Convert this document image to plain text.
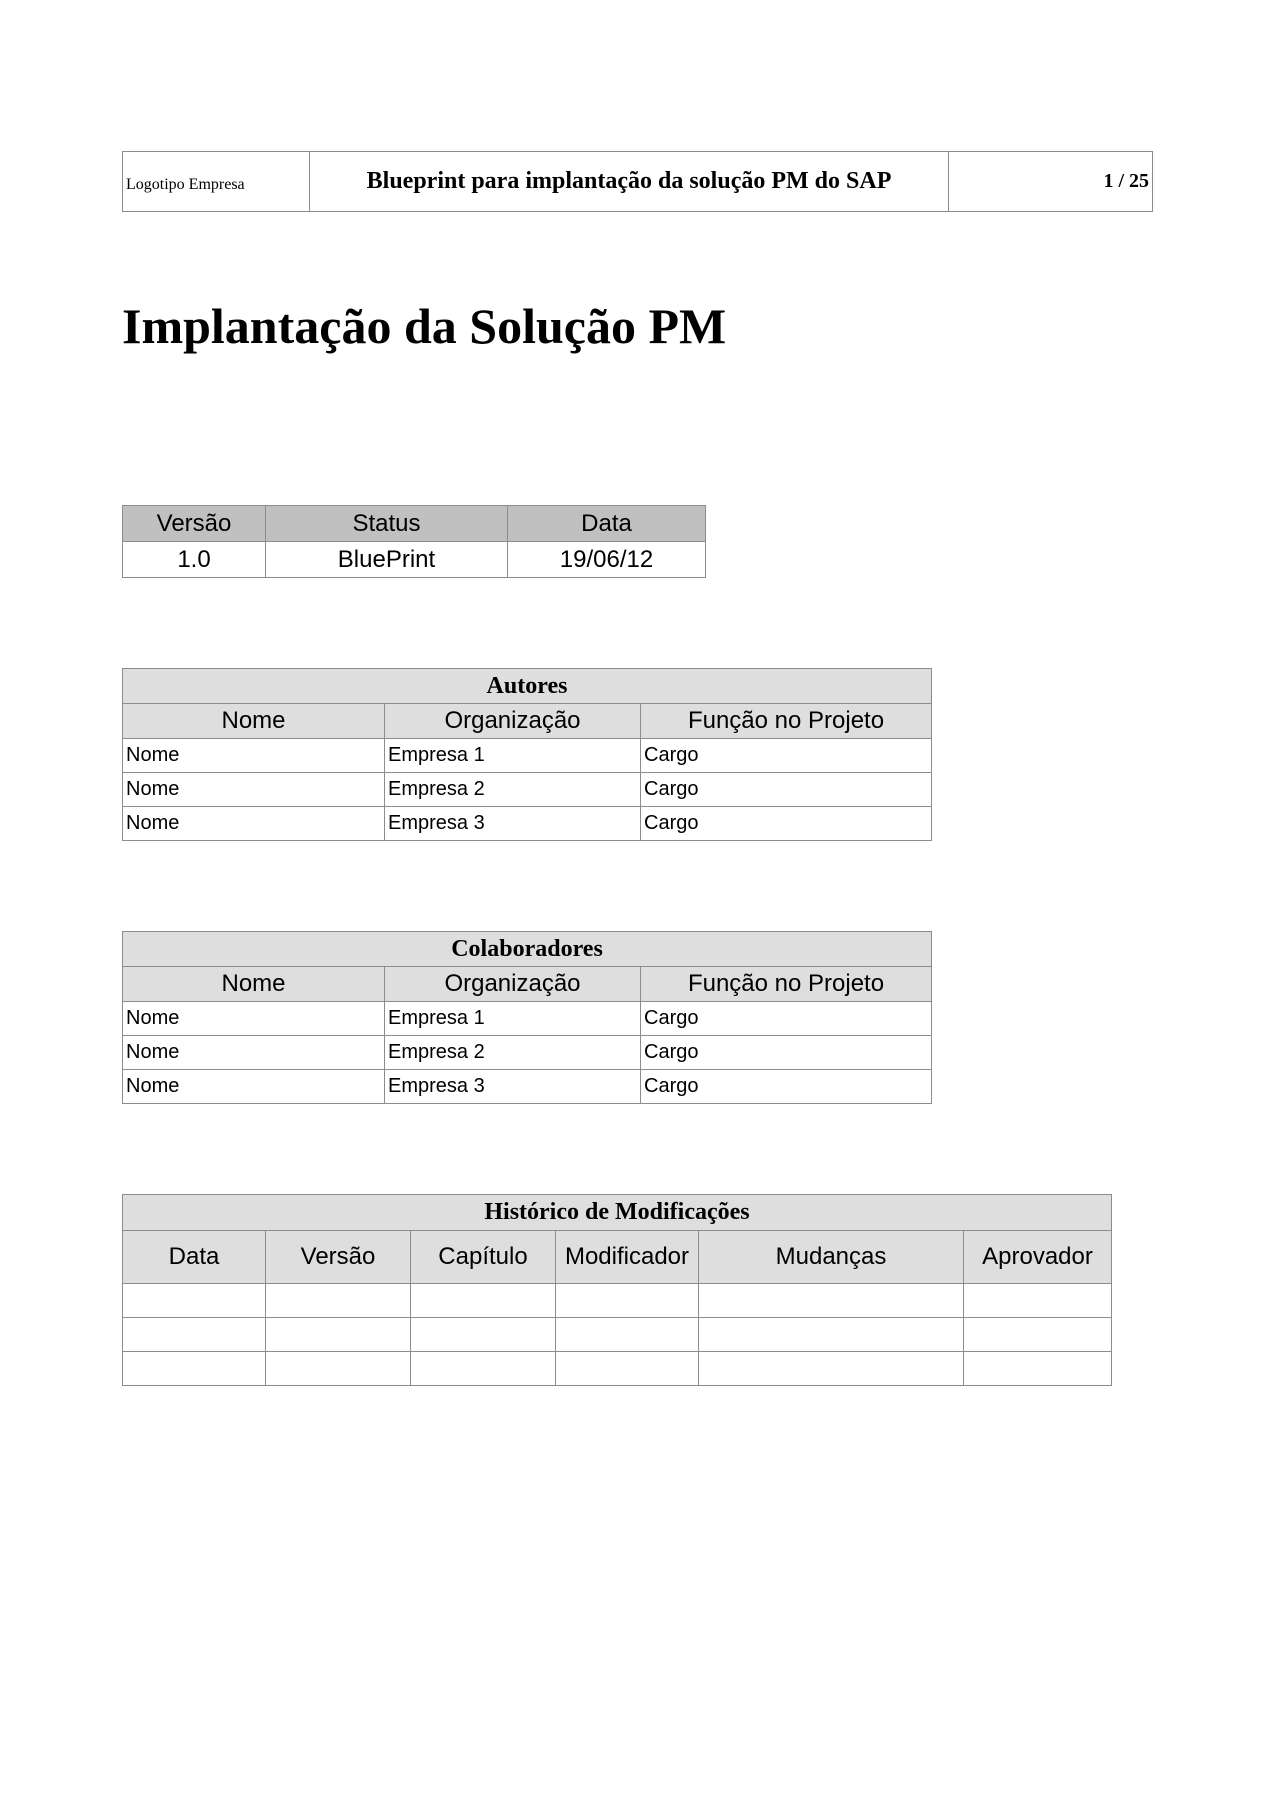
Logotipo Empresa	Blueprint para implantação da solução PM do SAP	1 / 25
Implantação da Solução PM
Versão	Status	Data
1.0	BluePrint	19/06/12
Autores		
Nome	Organização	Função no Projeto
Nome	Empresa 1	Cargo
Nome	Empresa 2	Cargo
Nome	Empresa 3	Cargo
Colaboradores		
Nome	Organização	Função no Projeto
Nome	Empresa 1	Cargo
Nome	Empresa 2	Cargo
Nome	Empresa 3	Cargo
Histórico de Modificações					
Data	Versão	Capítulo	Modificador	Mudanças	Aprovador
